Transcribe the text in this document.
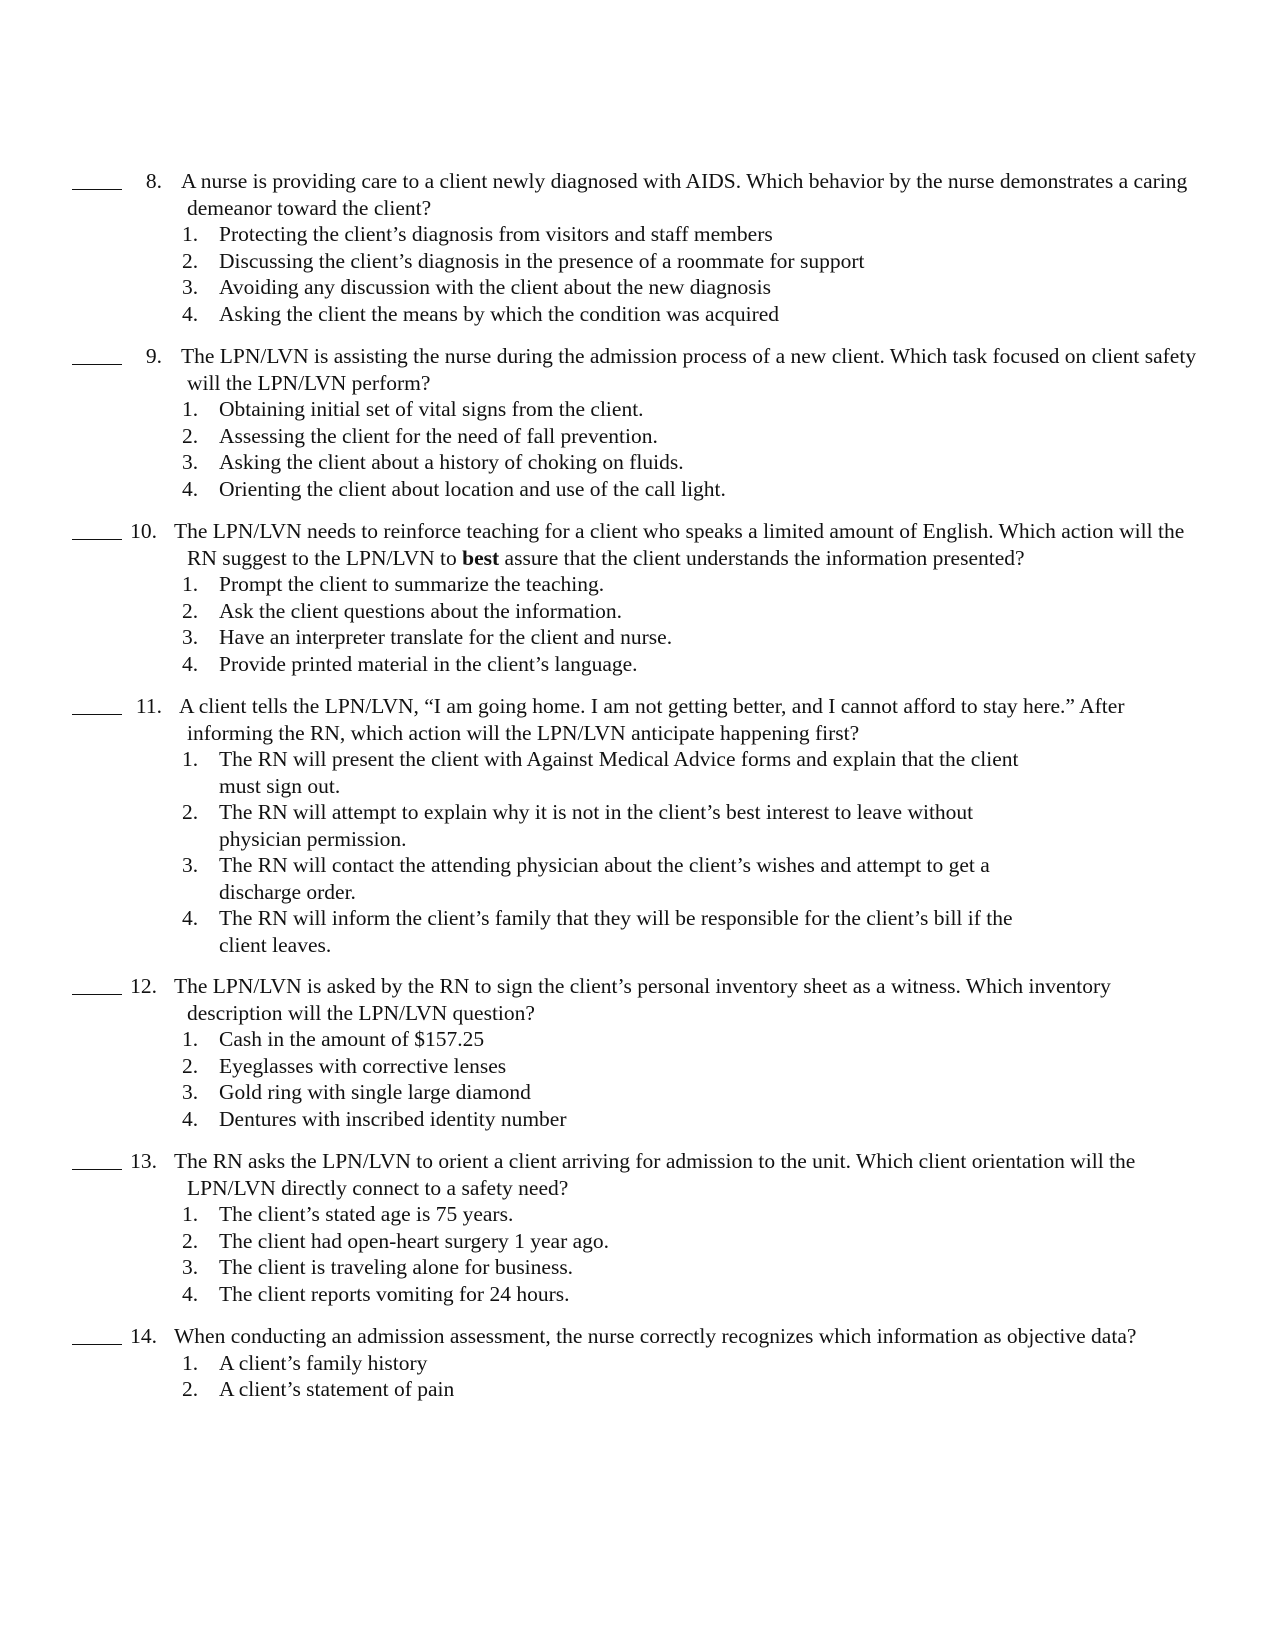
8. A nurse is providing care to a client newly diagnosed with AIDS. Which behavior by the nurse demonstrates a caring demeanor toward the client?
1. Protecting the client’s diagnosis from visitors and staff members
2. Discussing the client’s diagnosis in the presence of a roommate for support
3. Avoiding any discussion with the client about the new diagnosis
4. Asking the client the means by which the condition was acquired
9. The LPN/LVN is assisting the nurse during the admission process of a new client. Which task focused on client safety will the LPN/LVN perform?
1. Obtaining initial set of vital signs from the client.
2. Assessing the client for the need of fall prevention.
3. Asking the client about a history of choking on fluids.
4. Orienting the client about location and use of the call light.
10. The LPN/LVN needs to reinforce teaching for a client who speaks a limited amount of English. Which action will the RN suggest to the LPN/LVN to best assure that the client understands the information presented?
1. Prompt the client to summarize the teaching.
2. Ask the client questions about the information.
3. Have an interpreter translate for the client and nurse.
4. Provide printed material in the client’s language.
11. A client tells the LPN/LVN, “I am going home. I am not getting better, and I cannot afford to stay here.” After informing the RN, which action will the LPN/LVN anticipate happening first?
1. The RN will present the client with Against Medical Advice forms and explain that the client must sign out.
2. The RN will attempt to explain why it is not in the client’s best interest to leave without physician permission.
3. The RN will contact the attending physician about the client’s wishes and attempt to get a discharge order.
4. The RN will inform the client’s family that they will be responsible for the client’s bill if the client leaves.
12. The LPN/LVN is asked by the RN to sign the client’s personal inventory sheet as a witness. Which inventory description will the LPN/LVN question?
1. Cash in the amount of $157.25
2. Eyeglasses with corrective lenses
3. Gold ring with single large diamond
4. Dentures with inscribed identity number
13. The RN asks the LPN/LVN to orient a client arriving for admission to the unit. Which client orientation will the LPN/LVN directly connect to a safety need?
1. The client’s stated age is 75 years.
2. The client had open-heart surgery 1 year ago.
3. The client is traveling alone for business.
4. The client reports vomiting for 24 hours.
14. When conducting an admission assessment, the nurse correctly recognizes which information as objective data?
1. A client’s family history
2. A client’s statement of pain
